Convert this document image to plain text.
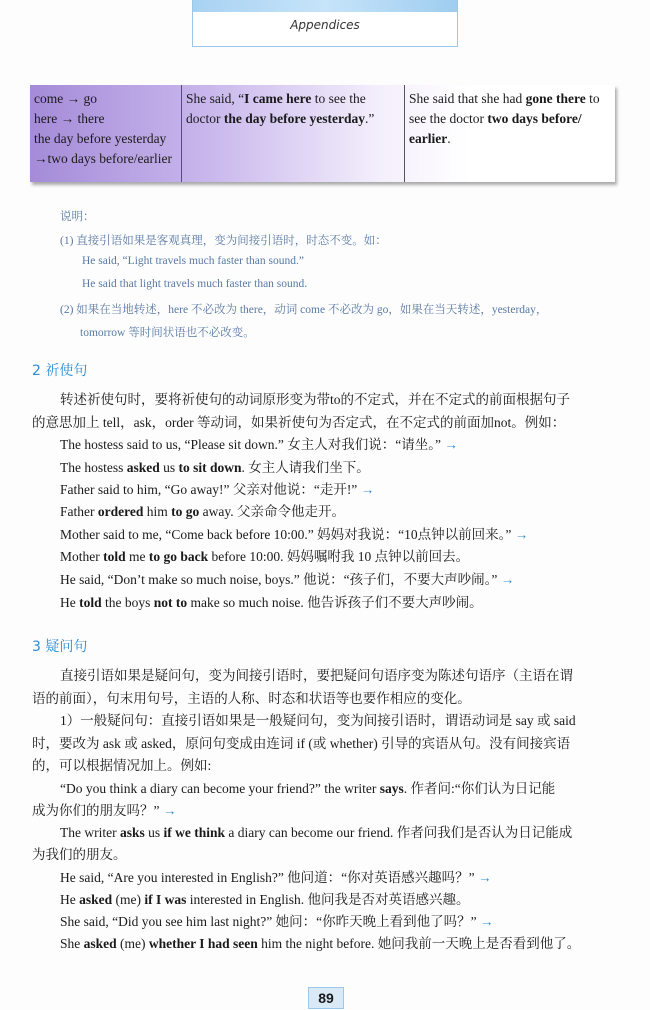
Appendices
come → go
here → there
the day before yesterday
→two days before/earlier
She said, “I came here to see the doctor the day before yesterday.”
She said that she had gone there to see the doctor two days before/ earlier.
说明：
(1) 直接引语如果是客观真理，变为间接引语时，时态不变。如：
He said, “Light travels much faster than sound.”
He said that light travels much faster than sound.
(2) 如果在当地转述，here 不必改为 there，动词 come 不必改为 go，如果在当天转述，yesterday，
tomorrow 等时间状语也不必改变。
2 祈使句
转述祈使句时，要将祈使句的动词原形变为带to的不定式，并在不定式的前面根据句子
的意思加上 tell，ask，order 等动词，如果祈使句为否定式，在不定式的前面加not。例如：
The hostess said to us, “Please sit down.” 女主人对我们说：“请坐。” →
The hostess asked us to sit down. 女主人请我们坐下。
Father said to him, “Go away!” 父亲对他说：“走开!” →
Father ordered him to go away. 父亲命令他走开。
Mother said to me, “Come back before 10:00.” 妈妈对我说：“10点钟以前回来。” →
Mother told me to go back before 10:00. 妈妈嘱咐我 10 点钟以前回去。
He said, “Don’t make so much noise, boys.” 他说：“孩子们，不要大声吵闹。” →
He told the boys not to make so much noise. 他告诉孩子们不要大声吵闹。
3 疑问句
直接引语如果是疑问句，变为间接引语时，要把疑问句语序变为陈述句语序（主语在谓
语的前面），句末用句号，主语的人称、时态和状语等也要作相应的变化。
1）一般疑问句：直接引语如果是一般疑问句，变为间接引语时，谓语动词是 say 或 said
时，要改为 ask 或 asked，原问句变成由连词 if (或 whether) 引导的宾语从句。没有间接宾语
的，可以根据情况加上。例如:
“Do you think a diary can become your friend?” the writer says. 作者问:“你们认为日记能
成为你们的朋友吗？” →
The writer asks us if we think a diary can become our friend. 作者问我们是否认为日记能成
为我们的朋友。
He said, “Are you interested in English?” 他问道：“你对英语感兴趣吗？” →
He asked (me) if I was interested in English. 他问我是否对英语感兴趣。
She said, “Did you see him last night?” 她问：“你昨天晚上看到他了吗？” →
She asked (me) whether I had seen him the night before. 她问我前一天晚上是否看到他了。
89
